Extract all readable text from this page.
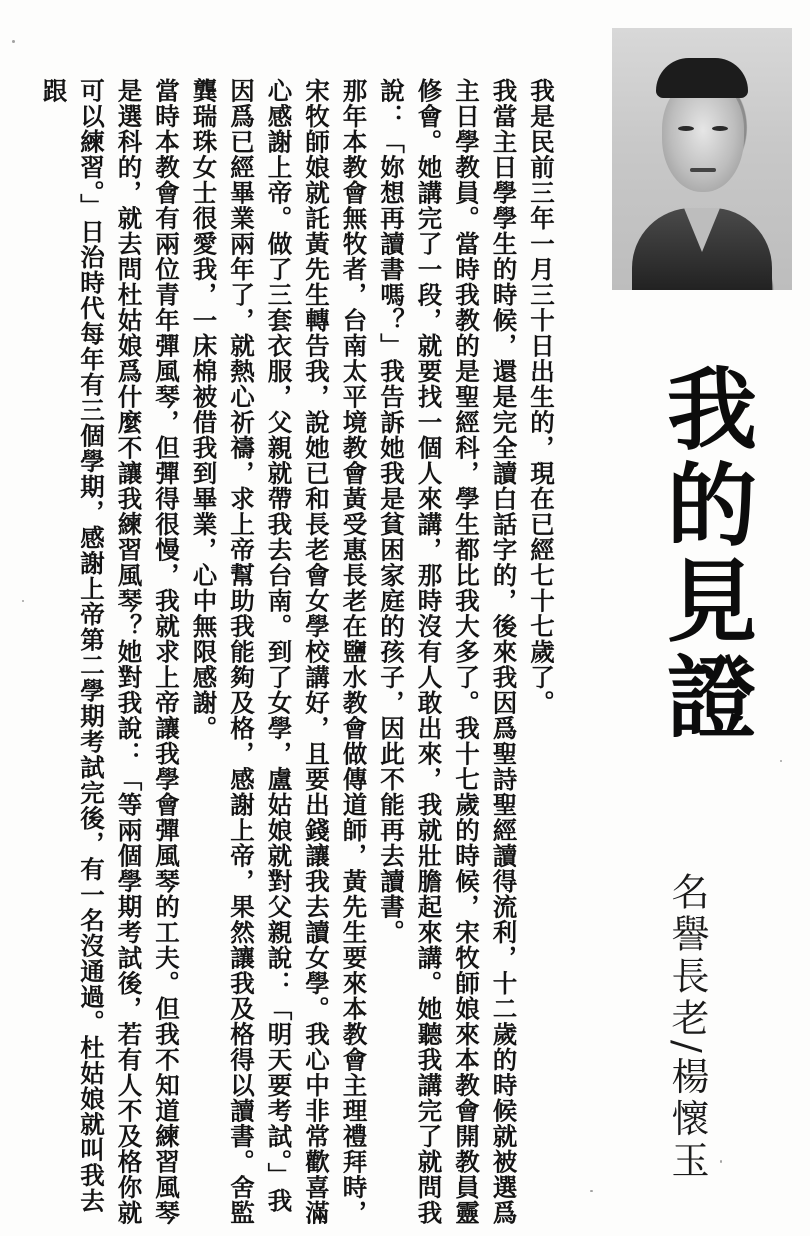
我的見證
名譽長老/楊懷玉

我是民前三年一月三十日出生的，現在已經七十七歲了。

我當主日學學生的時候，還是完全讀白話字的，後來我因爲聖詩聖經讀得流利，十二歲的時候就被選爲主日學教員。當時我教的是聖經科，學生都比我大多了。我十七歲的時候，宋牧師娘來本教會開教員靈修會。她講完了一段，就要找一個人來講，那時沒有人敢出來，我就壯膽起來講。她聽我講完了就問我說：「妳想再讀書嗎？」我告訴她我是貧困家庭的孩子，因此不能再去讀書。

那年本教會無牧者，台南太平境教會黃受惠長老在鹽水教會做傳道師，黃先生要來本教會主理禮拜時，宋牧師娘就託黃先生轉告我，說她已和長老會女學校講好，且要出錢讓我去讀女學。我心中非常歡喜滿心感謝上帝。做了三套衣服，父親就帶我去台南。到了女學，盧姑娘就對父親說：「明天要考試。」我因爲已經畢業兩年了，就熱心祈禱，求上帝幫助我能夠及格，感謝上帝，果然讓我及格得以讀書。舍監龔瑞珠女士很愛我，一床棉被借我到畢業，心中無限感謝。

當時本教會有兩位青年彈風琴，但彈得很慢，我就求上帝讓我學會彈風琴的工夫。但我不知道練習風琴是選科的，就去問杜姑娘爲什麼不讓我練習風琴？她對我說：「等兩個學期考試後，若有人不及格你就可以練習。」日治時代每年有三個學期，感謝上帝第二學期考試完後，有一名沒通過。杜姑娘就叫我去跟
